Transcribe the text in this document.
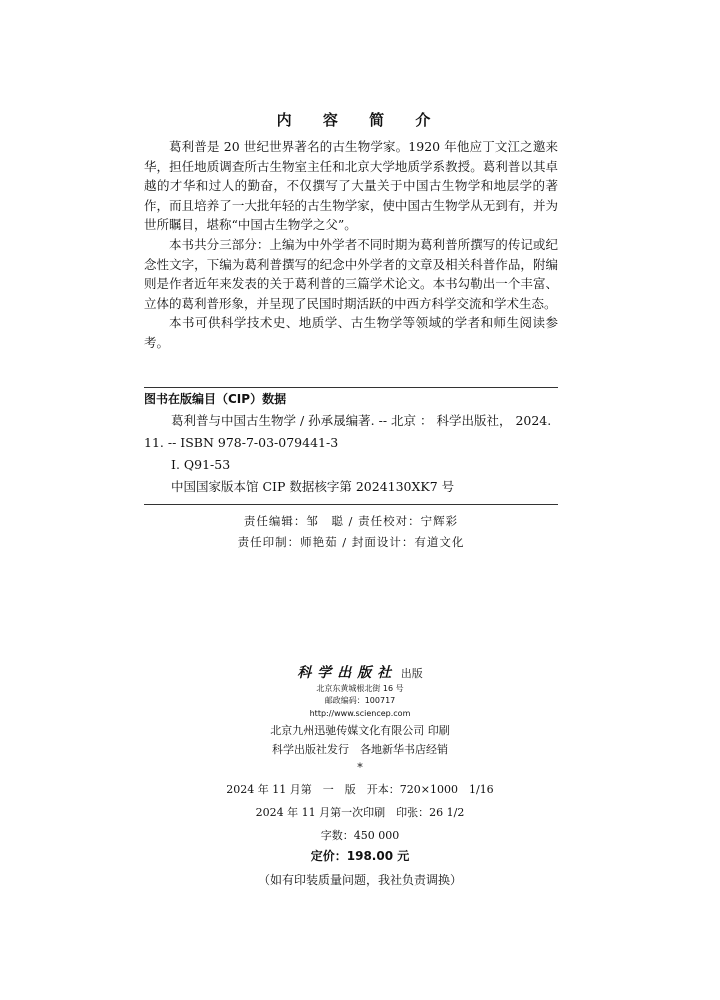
内 容 简 介

葛利普是 20 世纪世界著名的古生物学家。1920 年他应丁文江之邀来华，担任地质调查所古生物室主任和北京大学地质学系教授。葛利普以其卓越的才华和过人的勤奋，不仅撰写了大量关于中国古生物学和地层学的著作，而且培养了一大批年轻的古生物学家，使中国古生物学从无到有，并为世所瞩目，堪称“中国古生物学之父”。

本书共分三部分：上编为中外学者不同时期为葛利普所撰写的传记或纪念性文字，下编为葛利普撰写的纪念中外学者的文章及相关科普作品，附编则是作者近年来发表的关于葛利普的三篇学术论文。本书勾勒出一个丰富、立体的葛利普形象，并呈现了民国时期活跃的中西方科学交流和学术生态。

本书可供科学技术史、地质学、古生物学等领域的学者和师生阅读参考。

图书在版编目（CIP）数据
葛利普与中国古生物学 / 孙承晟编著. -- 北京 ： 科学出版社， 2024.
11. -- ISBN 978-7-03-079441-3
Ⅰ. Q91-53
中国国家版本馆 CIP 数据核字第 2024130XK7 号
责任编辑：邹　聪 / 责任校对：宁辉彩
责任印制：师艳茹 / 封面设计：有道文化
科学出版社 出版
北京东黄城根北街 16 号
邮政编码：100717
http://www.sciencep.com
北京九州迅驰传媒文化有限公司 印刷
科学出版社发行　各地新华书店经销
*
2024 年 11 月第　一　版　开本：720×1000　1/16
2024 年 11 月第一次印刷　印张：26 1/2
字数：450 000
定价：198.00 元
（如有印装质量问题，我社负责调换）
